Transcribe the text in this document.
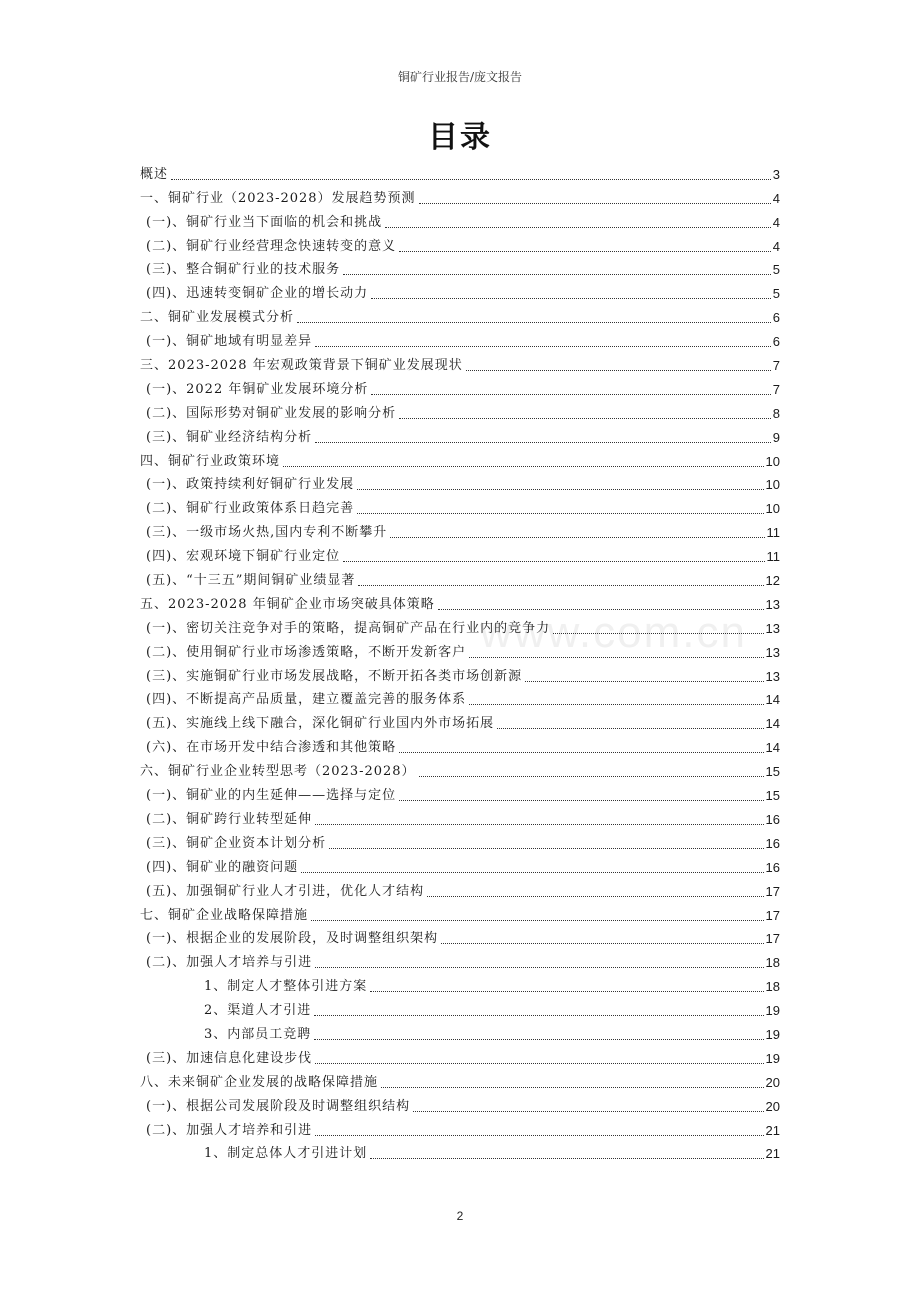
铜矿行业报告/庞文报告
目录
www.com.cn
概述	3
一、铜矿行业（2023-2028）发展趋势预测	4
(一)、铜矿行业当下面临的机会和挑战	4
(二)、铜矿行业经营理念快速转变的意义	4
(三)、整合铜矿行业的技术服务	5
(四)、迅速转变铜矿企业的增长动力	5
二、铜矿业发展模式分析	6
(一)、铜矿地域有明显差异	6
三、2023-2028 年宏观政策背景下铜矿业发展现状	7
(一)、2022 年铜矿业发展环境分析	7
(二)、国际形势对铜矿业发展的影响分析	8
(三)、铜矿业经济结构分析	9
四、铜矿行业政策环境	10
(一)、政策持续利好铜矿行业发展	10
(二)、铜矿行业政策体系日趋完善	10
(三)、一级市场火热,国内专利不断攀升	11
(四)、宏观环境下铜矿行业定位	11
(五)、“十三五”期间铜矿业绩显著	12
五、2023-2028 年铜矿企业市场突破具体策略	13
(一)、密切关注竞争对手的策略，提高铜矿产品在行业内的竞争力	13
(二)、使用铜矿行业市场渗透策略，不断开发新客户	13
(三)、实施铜矿行业市场发展战略，不断开拓各类市场创新源	13
(四)、不断提高产品质量，建立覆盖完善的服务体系	14
(五)、实施线上线下融合，深化铜矿行业国内外市场拓展	14
(六)、在市场开发中结合渗透和其他策略	14
六、铜矿行业企业转型思考（2023-2028）	15
(一)、铜矿业的内生延伸——选择与定位	15
(二)、铜矿跨行业转型延伸	16
(三)、铜矿企业资本计划分析	16
(四)、铜矿业的融资问题	16
(五)、加强铜矿行业人才引进，优化人才结构	17
七、铜矿企业战略保障措施	17
(一)、根据企业的发展阶段，及时调整组织架构	17
(二)、加强人才培养与引进	18
1、制定人才整体引进方案	18
2、渠道人才引进	19
3、内部员工竞聘	19
(三)、加速信息化建设步伐	19
八、未来铜矿企业发展的战略保障措施	20
(一)、根据公司发展阶段及时调整组织结构	20
(二)、加强人才培养和引进	21
1、制定总体人才引进计划	21
2
